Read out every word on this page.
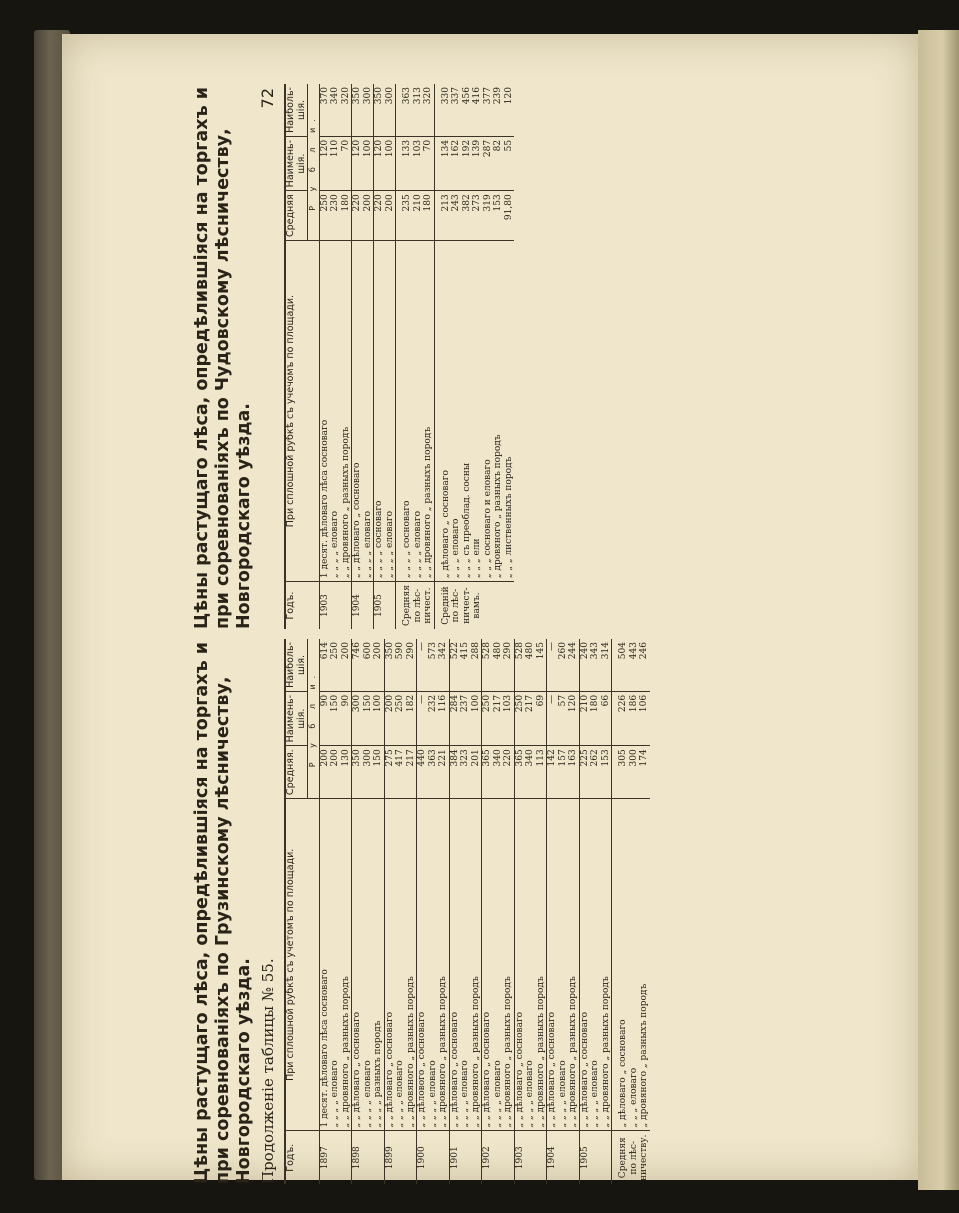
Цѣны растущаго лѣса, опредѣлившіяся на торгахъ и при соревнованіяхъ по Грузинскому лѣсничеству, Новгородскаго уѣзда. Продолженіе таблицы № 55. Годъ.	При сплошной рубкѣ съ учетомъ по площади.	Средняя.	Наимень-шія.	Наиболь-шія.
		Р у б л и.		
1897	1 десят. дѣловаго лѣса сосноваго	200	90	614
	„ „ „ „ еловаго	200	150	250
	„ „ дровяного „ разныхъ породъ	130	90	200
1898	„ „ дѣловаго „ сосноваго	350	300	746
	„ „ „ „ еловаго	300	150	600
	„ „ „ „ разныхъ породъ	150	100	200
1899	„ „ дѣловаго „ сосноваго	275	200	350
	„ „ „ „ еловаго	417	250	590
	„ „ дровяного „ разныхъ породъ	217	182	290
1900	„ „ дѣлового „ сосноваго	440	—	—
	„ „ „ „ еловаго	363	232	573
	„ „ дровяного „ разныхъ породъ	221	116	342
1901	„ „ дѣловаго „ сосноваго	384	284	522
	„ „ „ „ еловаго	323	237	415
	„ „ дровяного „ разныхъ породъ	201	100	288
1902	„ „ дѣловаго „ сосноваго	365	250	528
	„ „ „ „ еловаго	340	217	480
	„ „ дровяного „ разныхъ породъ	220	103	290
1903	„ „ дѣловаго „ сосноваго	365	250	528
	„ „ „ „ еловаго	340	217	480
	„ „ дровяного „ разныхъ породъ	113	69	145
1904	„ „ дѣловаго „ сосноваго	142	—	—
	„ „ „ „ еловаго	157	57	260
	„ „ дровяного „ разныхъ породъ	163	120	244
1905	„ „ дѣловаго „ сосноваго	225	210	240
	„ „ „ „ еловаго	262	180	343
	„ „ дровяного „ разныхъ породъ	153	66	314
Средняя по лѣс-ничеству.	„ дѣловаго „ сосноваго	305	226	504
	„ „ „ еловаго	300	186	443
	„ дровяного „ разныхъ породъ	174	106	246
Цѣны растущаго лѣса, опредѣлившіяся на торгахъ и при соревнованіяхъ по Чудовскому лѣсничеству, Новгородскаго уѣзда.
72
Годъ.	При сплошной рубкѣ съ учечомъ по площади.	Средняя	Наимень-шія.	Наиболь-шія.
		Р у б л и.		
1903	1 десят. дѣловаго лѣса сосноваго	250	120	370
	„ „ „ „ еловаго	230	110	340
	„ „ дровяного „ разныхъ породъ	180	70	320
1904	„ „ дѣловаго „ сосноваго	220	120	350
	„ „ „ „ еловаго	200	100	300
1905	„ „ „ „ сосноваго	220	120	350
	„ „ „ „ еловаго	200	100	300
Средняя по лѣс-ничест.	„ „ „ „ сосноваго	235	133	363
	„ „ „ „ еловаго	210	103	313
	„ „ дровяного „ разныхъ породъ	180	70	320
Средній по лѣс-ничест-вамъ.	„ дѣловаго „ сосноваго	213	134	330
	„ „ „ еловаго	243	162	337
	„ „ „ съ преоблад. сосны	382	192	456
	„ „ „ ели	273	139	416
	„ „ „ сосноваго и еловаго	319	287	377
	„ дровяного „ разныхъ породъ	153	82	239
	„ „ „ лиственныхъ породъ	91,80	55	120
